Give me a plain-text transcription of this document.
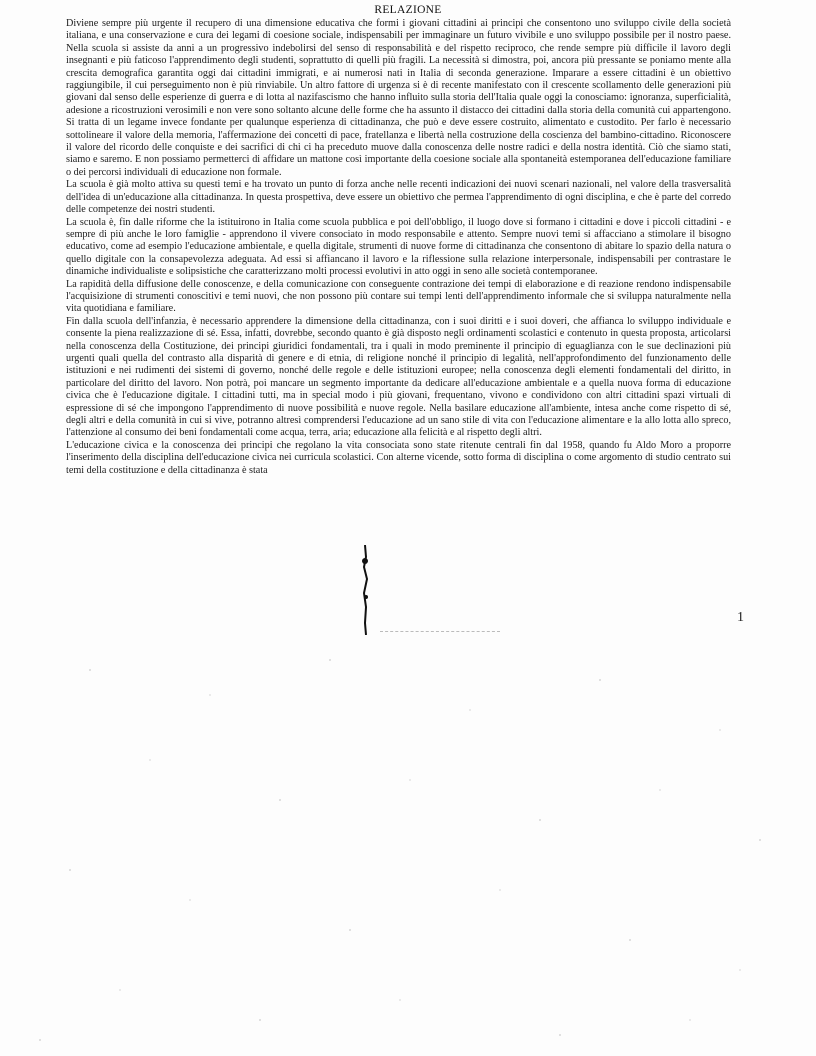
RELAZIONE

Diviene sempre più urgente il recupero di una dimensione educativa che formi i giovani cittadini ai principi che consentono uno sviluppo civile della società italiana, e una conservazione e cura dei legami di coesione sociale, indispensabili per immaginare un futuro vivibile e uno sviluppo possibile per il nostro paese. Nella scuola si assiste da anni a un progressivo indebolirsi del senso di responsabilità e del rispetto reciproco, che rende sempre più difficile il lavoro degli insegnanti e più faticoso l'apprendimento degli studenti, soprattutto di quelli più fragili. La necessità si dimostra, poi, ancora più pressante se poniamo mente alla crescita demografica garantita oggi dai cittadini immigrati, e ai numerosi nati in Italia di seconda generazione. Imparare a essere cittadini è un obiettivo raggiungibile, il cui perseguimento non è più rinviabile. Un altro fattore di urgenza si è di recente manifestato con il crescente scollamento delle generazioni più giovani dal senso delle esperienze di guerra e di lotta al nazifascismo che hanno influito sulla storia dell'Italia quale oggi la conosciamo: ignoranza, superficialità, adesione a ricostruzioni verosimili e non vere sono soltanto alcune delle forme che ha assunto il distacco dei cittadini dalla storia della comunità cui appartengono. Si tratta di un legame invece fondante per qualunque esperienza di cittadinanza, che può e deve essere costruito, alimentato e custodito. Per farlo è necessario sottolineare il valore della memoria, l'affermazione dei concetti di pace, fratellanza e libertà nella costruzione della coscienza del bambino-cittadino. Riconoscere il valore del ricordo delle conquiste e dei sacrifici di chi ci ha preceduto muove dalla conoscenza delle nostre radici e della nostra identità. Ciò che siamo stati, siamo e saremo. E non possiamo permetterci di affidare un mattone così importante della coesione sociale alla spontaneità estemporanea dell'educazione familiare o dei percorsi individuali di educazione non formale.

La scuola è già molto attiva su questi temi e ha trovato un punto di forza anche nelle recenti indicazioni dei nuovi scenari nazionali, nel valore della trasversalità dell'idea di un'educazione alla cittadinanza. In questa prospettiva, deve essere un obiettivo che permea l'apprendimento di ogni disciplina, e che è parte del corredo delle competenze dei nostri studenti.

La scuola è, fin dalle riforme che la istituirono in Italia come scuola pubblica e poi dell'obbligo, il luogo dove si formano i cittadini e dove i piccoli cittadini - e sempre di più anche le loro famiglie - apprendono il vivere consociato in modo responsabile e attento. Sempre nuovi temi si affacciano a stimolare il bisogno educativo, come ad esempio l'educazione ambientale, e quella digitale, strumenti di nuove forme di cittadinanza che consentono di abitare lo spazio della natura o quello digitale con la consapevolezza adeguata. Ad essi si affiancano il lavoro e la riflessione sulla relazione interpersonale, indispensabili per contrastare le dinamiche individualiste e solipsistiche che caratterizzano molti processi evolutivi in atto oggi in seno alle società contemporanee.

La rapidità della diffusione delle conoscenze, e della comunicazione con conseguente contrazione dei tempi di elaborazione e di reazione rendono indispensabile l'acquisizione di strumenti conoscitivi e temi nuovi, che non possono più contare sui tempi lenti dell'apprendimento informale che si sviluppa naturalmente nella vita quotidiana e familiare.

Fin dalla scuola dell'infanzia, è necessario apprendere la dimensione della cittadinanza, con i suoi diritti e i suoi doveri, che affianca lo sviluppo individuale e consente la piena realizzazione di sé. Essa, infatti, dovrebbe, secondo quanto è già disposto negli ordinamenti scolastici e contenuto in questa proposta, articolarsi nella conoscenza della Costituzione, dei principi giuridici fondamentali, tra i quali in modo preminente il principio di eguaglianza con le sue declinazioni più urgenti quali quella del contrasto alla disparità di genere e di etnia, di religione nonché il principio di legalità, nell'approfondimento del funzionamento delle istituzioni e nei rudimenti dei sistemi di governo, nonché delle regole e delle istituzioni europee; nella conoscenza degli elementi fondamentali del diritto, in particolare del diritto del lavoro. Non potrà, poi mancare un segmento importante da dedicare all'educazione ambientale e a quella nuova forma di educazione civica che è l'educazione digitale. I cittadini tutti, ma in special modo i più giovani, frequentano, vivono e condividono con altri cittadini spazi virtuali di espressione di sé che impongono l'apprendimento di nuove possibilità e nuove regole. Nella basilare educazione all'ambiente, intesa anche come rispetto di sé, degli altri e della comunità in cui si vive, potranno altresì comprendersi l'educazione ad un sano stile di vita con l'educazione alimentare e la allo lotta allo spreco, l'attenzione al consumo dei beni fondamentali come acqua, terra, aria; educazione alla felicità e al rispetto degli altri.

L'educazione civica e la conoscenza dei principi che regolano la vita consociata sono state ritenute centrali fin dal 1958, quando fu Aldo Moro a proporre l'inserimento della disciplina dell'educazione civica nei curricula scolastici. Con alterne vicende, sotto forma di disciplina o come argomento di studio centrato sui temi della costituzione e della cittadinanza è stata

1
